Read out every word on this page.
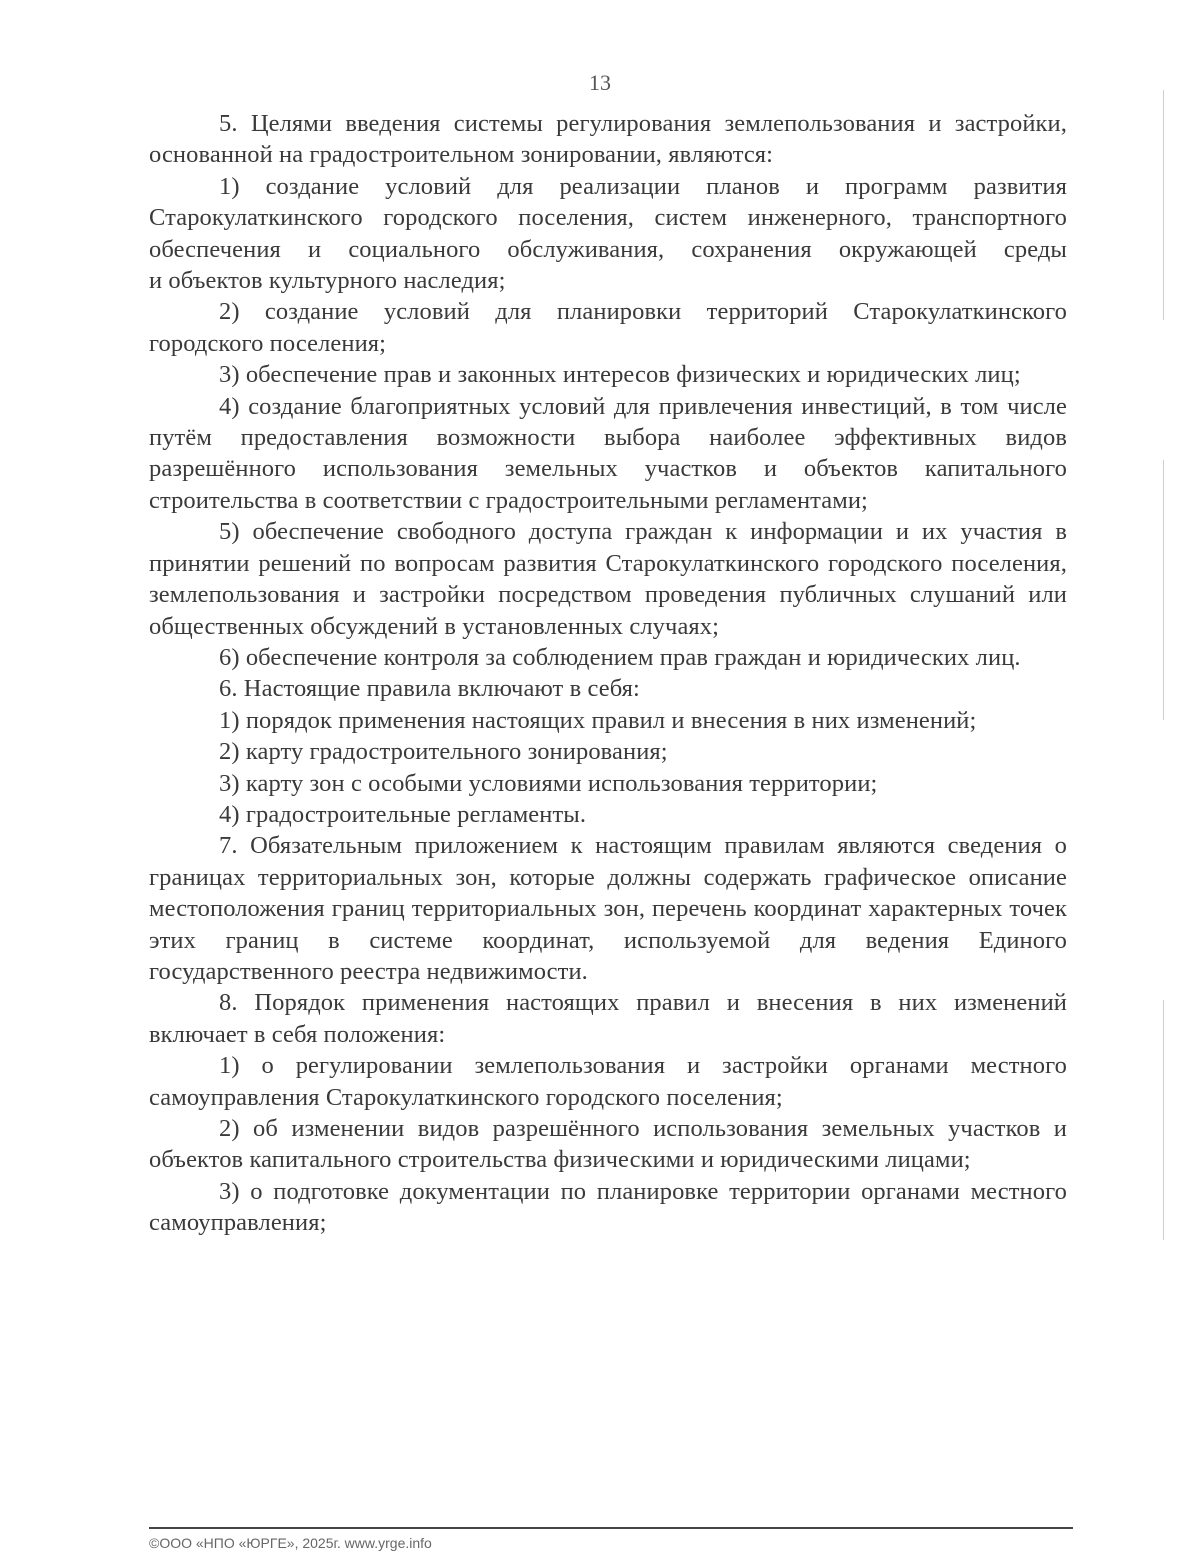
13

5. Целями введения системы регулирования землепользования и застройки, основанной на градостроительном зонировании, являются:

1) создание условий для реализации планов и программ развития Старокулаткинского городского поселения, систем инженерного, транспортного обеспечения и социального обслуживания, сохранения окружающей среды

и объектов культурного наследия;

2) создание условий для планировки территорий Старокулаткинского городского поселения;

3) обеспечение прав и законных интересов физических и юридических лиц;

4) создание благоприятных условий для привлечения инвестиций, в том числе путём предоставления возможности выбора наиболее эффективных видов разрешённого использования земельных участков и объектов капитального строительства в соответствии с градостроительными регламентами;

5) обеспечение свободного доступа граждан к информации и их участия в принятии решений по вопросам развития Старокулаткинского городского поселения, землепользования и застройки посредством проведения публичных слушаний или общественных обсуждений в установленных случаях;

6) обеспечение контроля за соблюдением прав граждан и юридических лиц.

6. Настоящие правила включают в себя:

1) порядок применения настоящих правил и внесения в них изменений;

2) карту градостроительного зонирования;

3) карту зон с особыми условиями использования территории;

4) градостроительные регламенты.

7. Обязательным приложением к настоящим правилам являются сведения о границах территориальных зон, которые должны содержать графическое описание местоположения границ территориальных зон, перечень координат характерных точек этих границ в системе координат, используемой для ведения Единого государственного реестра недвижимости.

8. Порядок применения настоящих правил и внесения в них изменений включает в себя положения:

1) о регулировании землепользования и застройки органами местного самоуправления Старокулаткинского городского поселения;

2) об изменении видов разрешённого использования земельных участков и объектов капитального строительства физическими и юридическими лицами;

3) о подготовке документации по планировке территории органами местного самоуправления;

©ООО «НПО «ЮРГЕ», 2025г. www.yrge.info
